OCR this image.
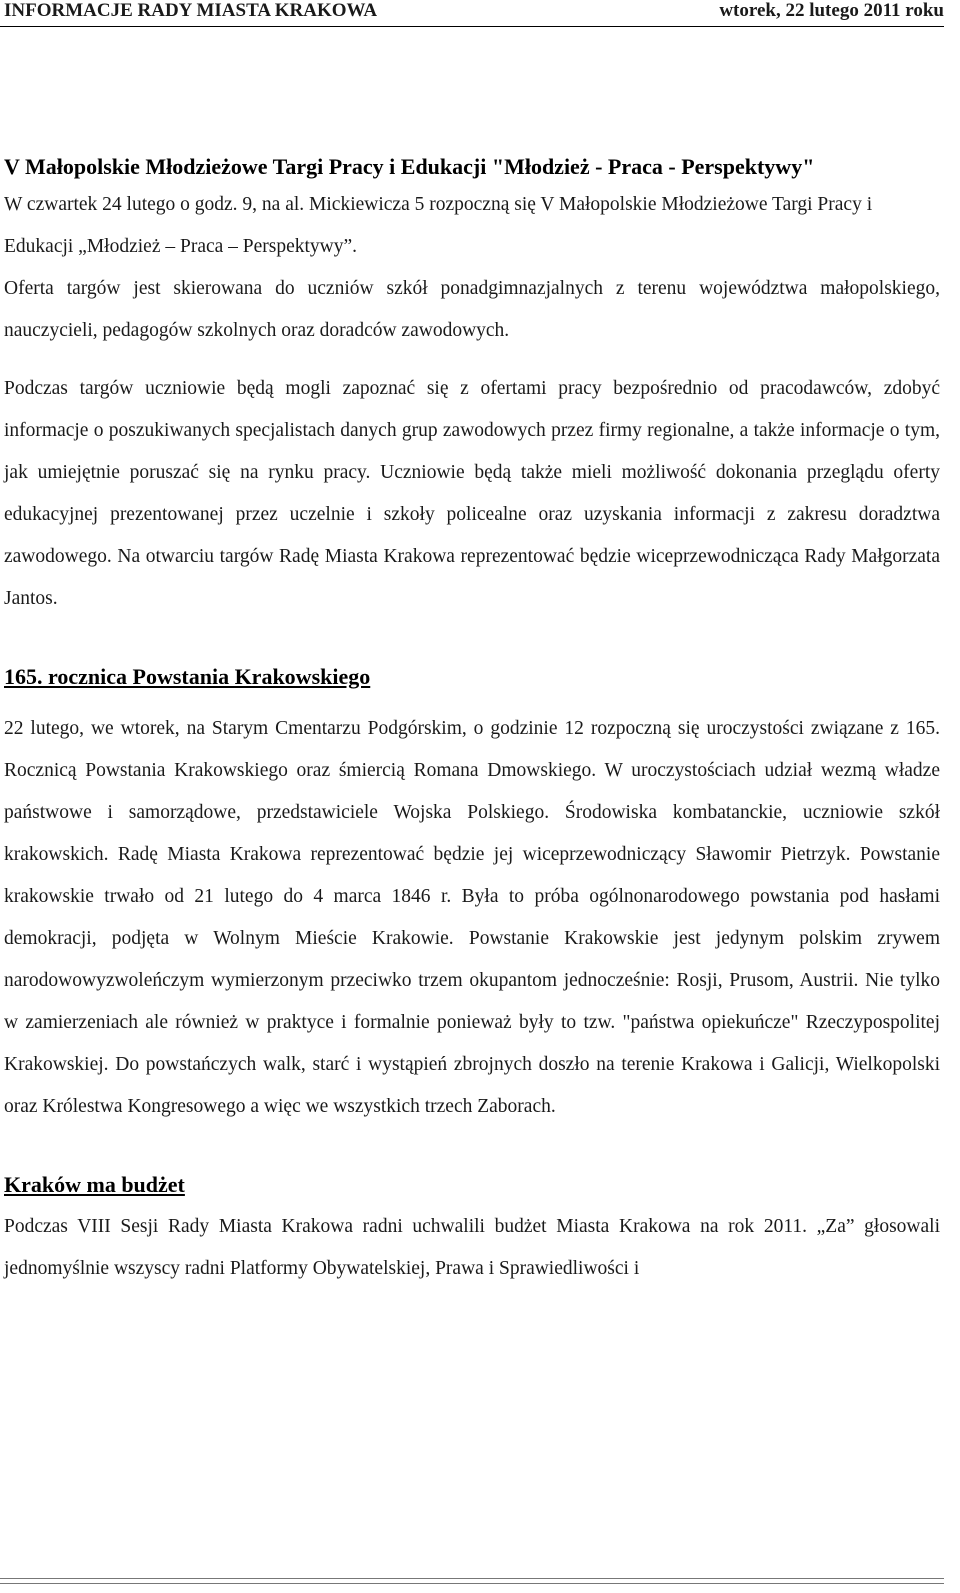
INFORMACJE RADY MIASTA KRAKOWA	wtorek, 22 lutego 2011 roku
V Małopolskie Młodzieżowe Targi Pracy i Edukacji "Młodzież - Praca - Perspektywy"

W czwartek 24 lutego o godz. 9, na al. Mickiewicza 5 rozpoczną się V Małopolskie Młodzieżowe Targi Pracy i Edukacji „Młodzież – Praca – Perspektywy”.

Oferta targów jest skierowana do uczniów szkół ponadgimnazjalnych z terenu województwa małopolskiego, nauczycieli, pedagogów szkolnych oraz doradców zawodowych.

Podczas targów uczniowie będą mogli zapoznać się z ofertami pracy bezpośrednio od pracodawców, zdobyć informacje o poszukiwanych specjalistach danych grup zawodowych przez firmy regionalne, a także informacje o tym, jak umiejętnie poruszać się na rynku pracy. Uczniowie będą także mieli możliwość dokonania przeglądu oferty edukacyjnej prezentowanej przez uczelnie i szkoły policealne oraz uzyskania informacji z zakresu doradztwa zawodowego. Na otwarciu targów Radę Miasta Krakowa reprezentować będzie wiceprzewodnicząca Rady Małgorzata Jantos.

165. rocznica Powstania Krakowskiego

22 lutego, we wtorek, na Starym Cmentarzu Podgórskim, o godzinie 12 rozpoczną się uroczystości związane z 165. Rocznicą Powstania Krakowskiego oraz śmiercią Romana Dmowskiego. W uroczystościach udział wezmą władze państwowe i samorządowe, przedstawiciele Wojska Polskiego. Środowiska kombatanckie, uczniowie szkół krakowskich. Radę Miasta Krakowa reprezentować będzie jej wiceprzewodniczący Sławomir Pietrzyk. Powstanie krakowskie trwało od 21 lutego do 4 marca 1846 r. Była to próba ogólnonarodowego powstania pod hasłami demokracji, podjęta w Wolnym Mieście Krakowie. Powstanie Krakowskie jest jedynym polskim zrywem narodowowyzwoleńczym wymierzonym przeciwko trzem okupantom jednocześnie: Rosji, Prusom, Austrii. Nie tylko w zamierzeniach ale również w praktyce i formalnie ponieważ były to tzw. "państwa opiekuńcze" Rzeczypospolitej Krakowskiej. Do powstańczych walk, starć i wystąpień zbrojnych doszło na terenie Krakowa i Galicji, Wielkopolski oraz Królestwa Kongresowego a więc we wszystkich trzech Zaborach.

Kraków ma budżet

Podczas VIII Sesji Rady Miasta Krakowa radni uchwalili budżet Miasta Krakowa na rok 2011. „Za” głosowali jednomyślnie wszyscy radni Platformy Obywatelskiej, Prawa i Sprawiedliwości i
